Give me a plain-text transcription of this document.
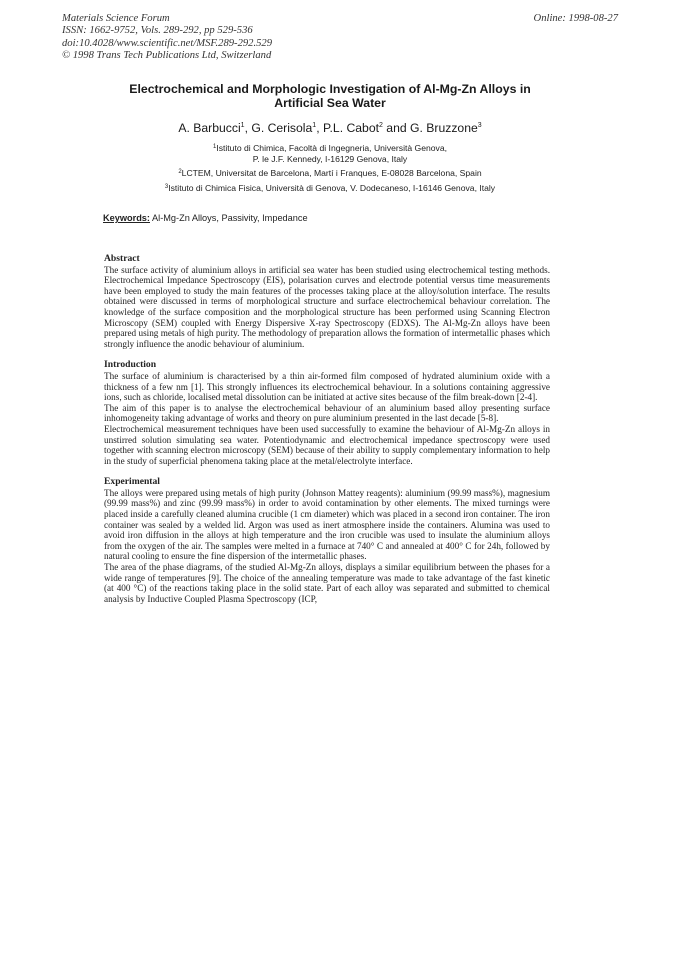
Materials Science Forum
ISSN: 1662-9752, Vols. 289-292, pp 529-536
doi:10.4028/www.scientific.net/MSF.289-292.529
© 1998 Trans Tech Publications Ltd, Switzerland
Online: 1998-08-27
Electrochemical and Morphologic Investigation of Al-Mg-Zn Alloys in
Artificial Sea Water
A. Barbucci$^1$, G. Cerisola$^1$, P.L. Cabot$^2$ and G. Bruzzone$^3$

$^1$Istituto di Chimica, Facoltà di Ingegneria, Università Genova,
P. le J.F. Kennedy, I-16129 Genova, Italy

$^2$LCTEM, Universitat de Barcelona, Martí i Franques, E-08028 Barcelona, Spain

$^3$Istituto di Chimica Fisica, Università di Genova, V. Dodecaneso, I-16146 Genova, Italy

Keywords: Al-Mg-Zn Alloys, Passivity, Impedance
Abstract

The surface activity of aluminium alloys in artificial sea water has been studied using electrochemical testing methods. Electrochemical Impedance Spectroscopy (EIS), polarisation curves and electrode potential versus time measurements have been employed to study the main features of the processes taking place at the alloy/solution interface. The results obtained were discussed in terms of morphological structure and surface electrochemical behaviour correlation. The knowledge of the surface composition and the morphological structure has been performed using Scanning Electron Microscopy (SEM) coupled with Energy Dispersive X-ray Spectroscopy (EDXS). The Al-Mg-Zn alloys have been prepared using metals of high purity. The methodology of preparation allows the formation of intermetallic phases which strongly influence the anodic behaviour of aluminium.

Introduction

The surface of aluminium is characterised by a thin air-formed film composed of hydrated aluminium oxide with a thickness of a few nm [1]. This strongly influences its electrochemical behaviour. In a solutions containing aggressive ions, such as chloride, localised metal dissolution can be initiated at active sites because of the film break-down [2-4].

The aim of this paper is to analyse the electrochemical behaviour of an aluminium based alloy presenting surface inhomogeneity taking advantage of works and theory on pure aluminium presented in the last decade [5-8].

Electrochemical measurement techniques have been used successfully to examine the behaviour of Al-Mg-Zn alloys in unstirred solution simulating sea water. Potentiodynamic and electrochemical impedance spectroscopy were used together with scanning electron microscopy (SEM) because of their ability to supply complementary information to help in the study of superficial phenomena taking place at the metal/electrolyte interface.

Experimental

The alloys were prepared using metals of high purity (Johnson Mattey reagents): aluminium (99.99 mass%), magnesium (99.99 mass%) and zinc (99.99 mass%) in order to avoid contamination by other elements. The mixed turnings were placed inside a carefully cleaned alumina crucible (1 cm diameter) which was placed in a second iron container. The iron container was sealed by a welded lid. Argon was used as inert atmosphere inside the containers. Alumina was used to avoid iron diffusion in the alloys at high temperature and the iron crucible was used to insulate the aluminium alloys from the oxygen of the air. The samples were melted in a furnace at 740° C and annealed at 400° C for 24h, followed by natural cooling to ensure the fine dispersion of the intermetallic phases.

The area of the phase diagrams, of the studied Al-Mg-Zn alloys, displays a similar equilibrium between the phases for a wide range of temperatures [9]. The choice of the annealing temperature was made to take advantage of the fast kinetic (at 400 °C) of the reactions taking place in the solid state. Part of each alloy was separated and submitted to chemical analysis by Inductive Coupled Plasma Spectroscopy (ICP,
